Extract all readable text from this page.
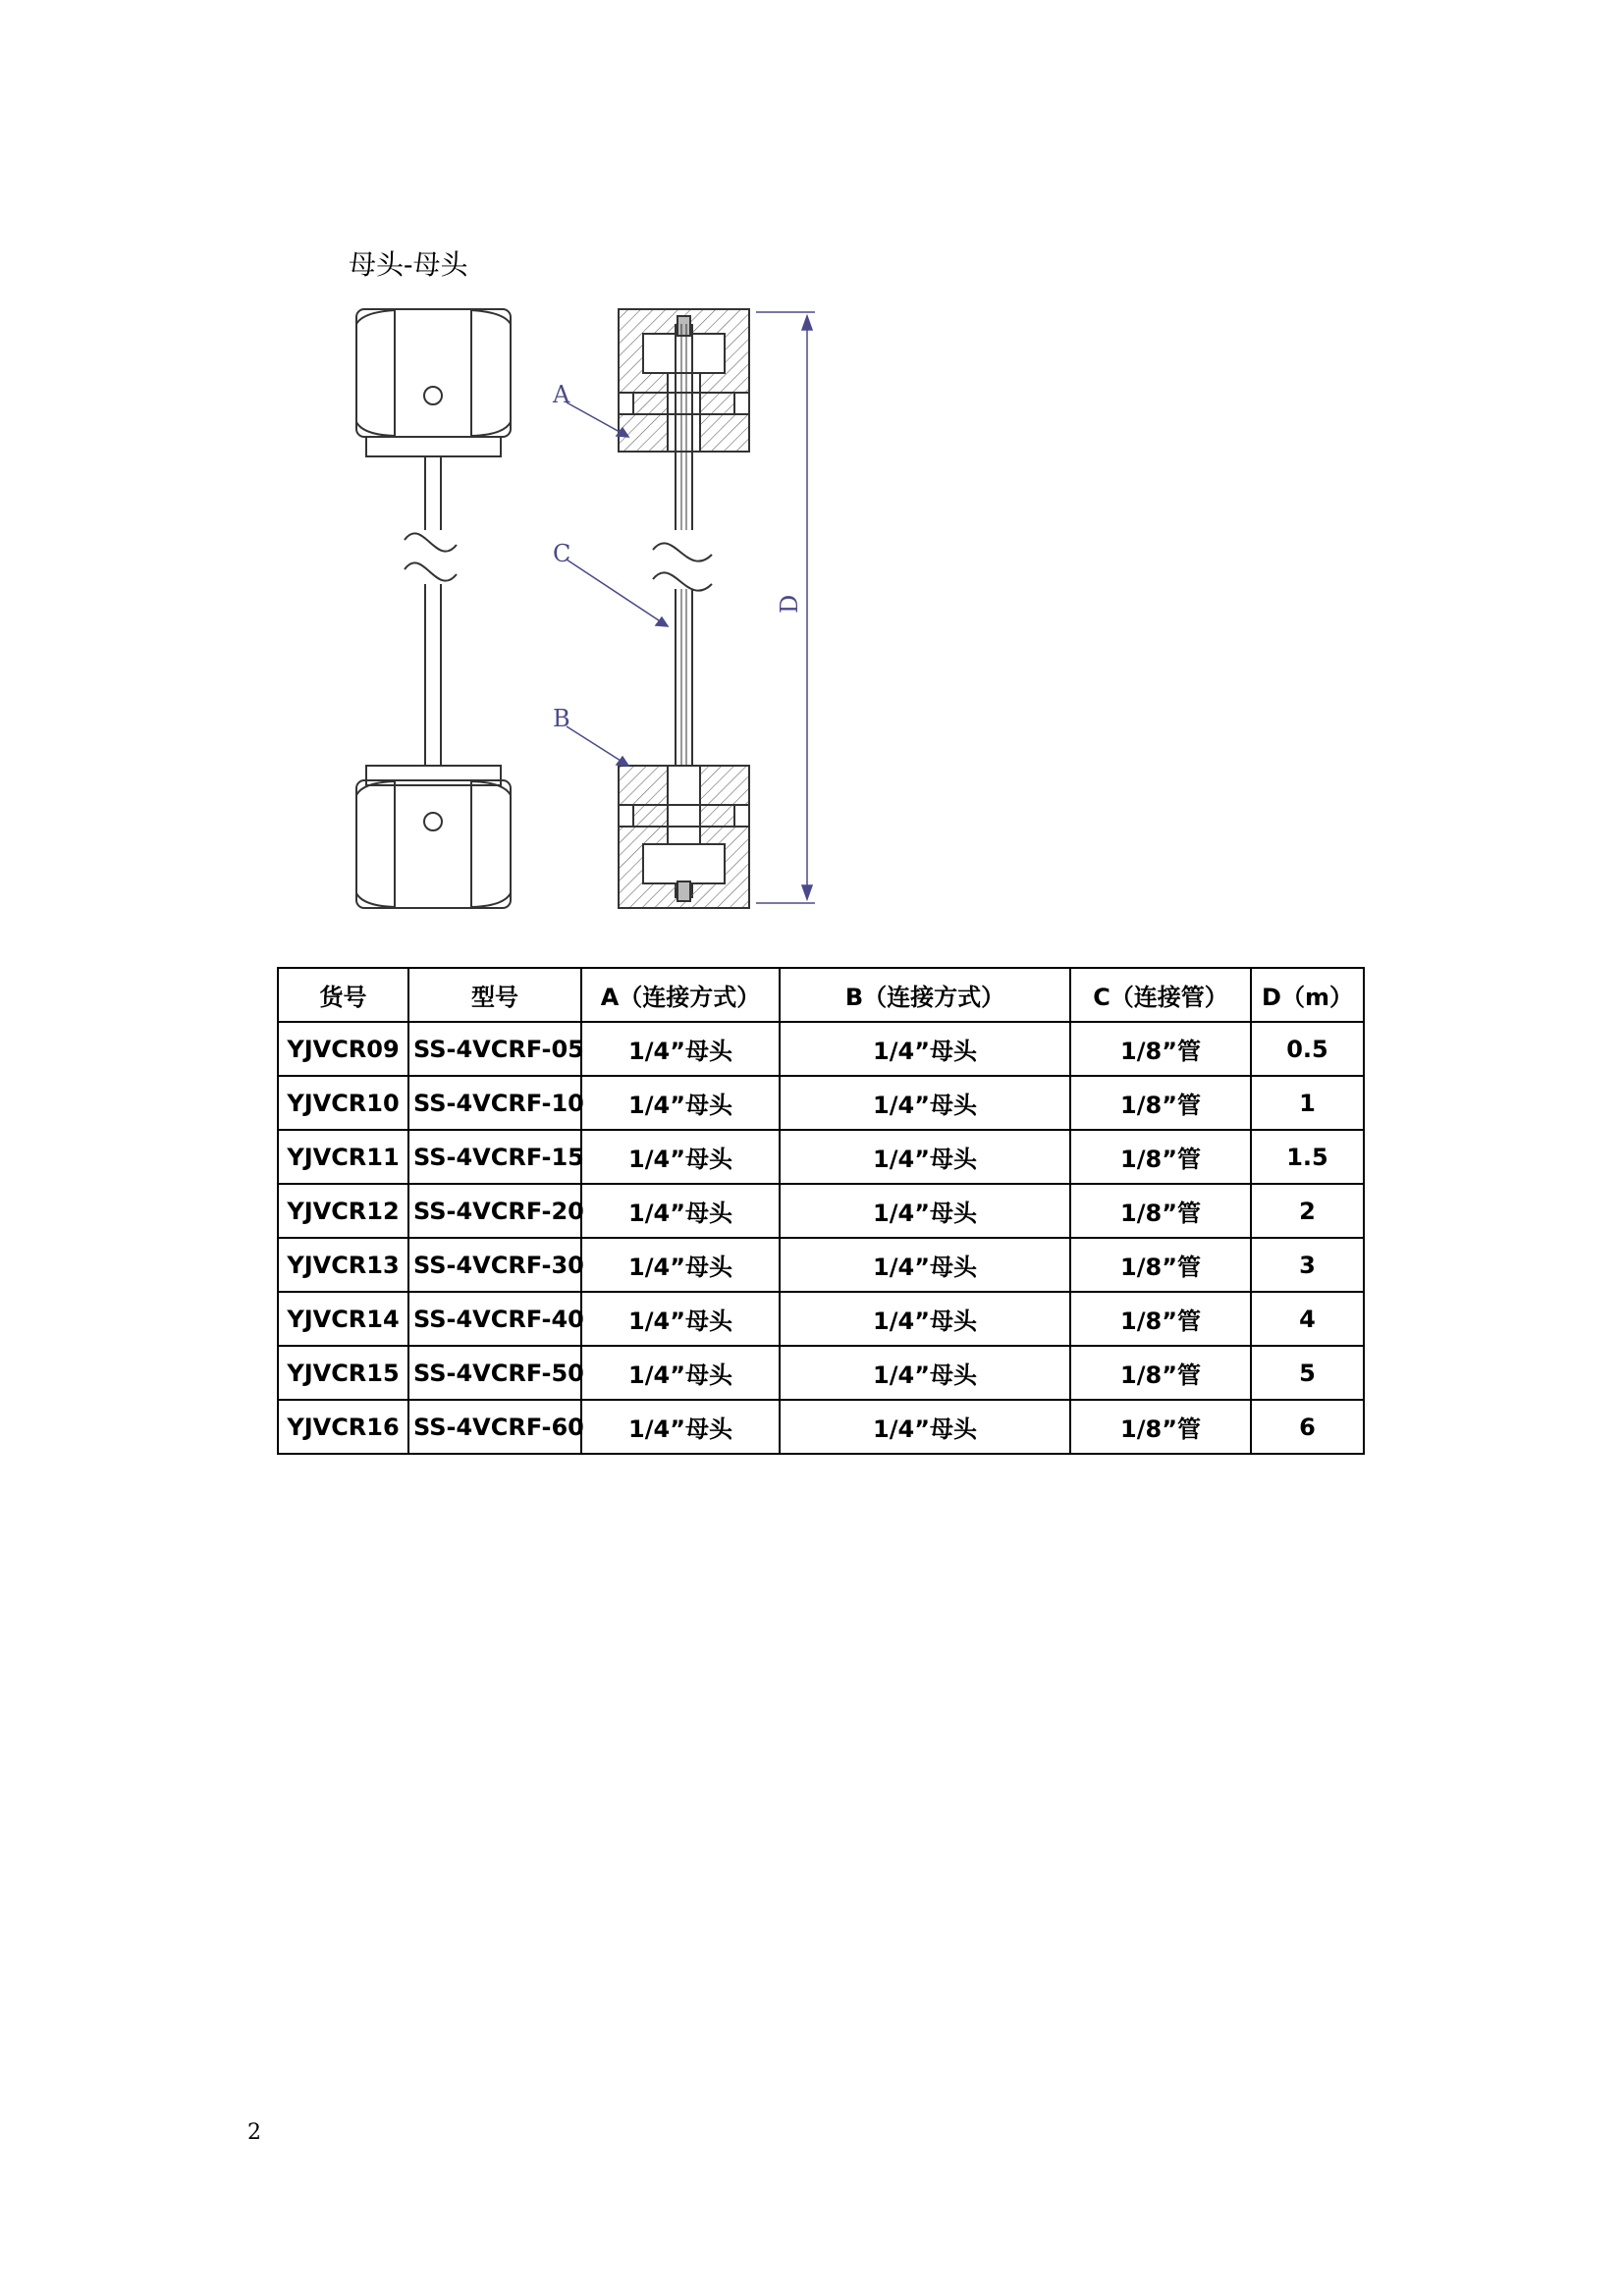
母头-母头
A
C
B
D
货号	型号	A（连接方式）	B（连接方式）	C（连接管）	D（m）
YJVCR09	SS-4VCRF-05	1/4”母头	1/4”母头	1/8”管	0.5
YJVCR10	SS-4VCRF-10	1/4”母头	1/4”母头	1/8”管	1
YJVCR11	SS-4VCRF-15	1/4”母头	1/4”母头	1/8”管	1.5
YJVCR12	SS-4VCRF-20	1/4”母头	1/4”母头	1/8”管	2
YJVCR13	SS-4VCRF-30	1/4”母头	1/4”母头	1/8”管	3
YJVCR14	SS-4VCRF-40	1/4”母头	1/4”母头	1/8”管	4
YJVCR15	SS-4VCRF-50	1/4”母头	1/4”母头	1/8”管	5
YJVCR16	SS-4VCRF-60	1/4”母头	1/4”母头	1/8”管	6
2
